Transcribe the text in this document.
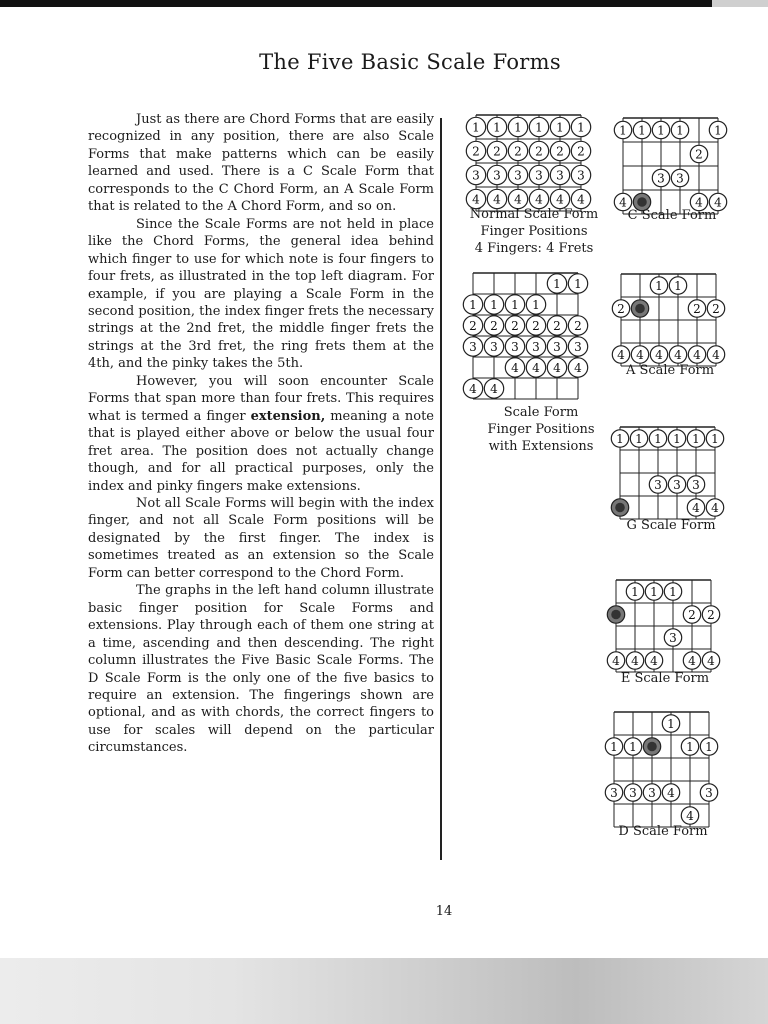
The Five Basic Scale Forms

Just as there are Chord Forms that are easily recognized in any position, there are also Scale Forms that make patterns which can be easily learned and used. There is a C Scale Form that corresponds to the C Chord Form, an A Scale Form that is related to the A Chord Form, and so on.

Since the Scale Forms are not held in place like the Chord Forms, the general idea behind which finger to use for which note is four fingers to four frets, as illustrated in the top left diagram. For example, if you are playing a Scale Form in the second position, the index finger frets the necessary strings at the 2nd fret, the middle finger frets the strings at the 3rd fret, the ring frets them at the 4th, and the pinky takes the 5th.

However, you will soon encounter Scale Forms that span more than four frets. This requires what is termed a finger extension, meaning a note that is played either above or below the usual four fret area. The position does not actually change though, and for all practical purposes, only the index and pinky fingers make extensions.

Not all Scale Forms will begin with the index finger, and not all Scale Form positions will be designated by the first finger. The index is sometimes treated as an extension so the Scale Form can better correspond to the Chord Form.

The graphs in the left hand column illustrate basic finger position for Scale Forms and extensions. Play through each of them one string at a time, ascending and then descending. The right column illustrates the Five Basic Scale Forms. The D Scale Form is the only one of the five basics to require an extension. The fingerings shown are optional, and as with chords, the correct fingers to use for scales will depend on the particular circumstances.

1 1 1 1 1 1
2 2 2 2 2 2
3 3 3 3 3 3
4 4 4 4 4 4
1 1 1 1	1
2
3 3
4	4 4
1 1
1 1 1 1
2 2 2 2 2 2
3 3 3 3 3 3
4 4 4 4
4 4
1 1
2	2 2
4 4 4 4 4 4
1 1 1 1 1 1
3 3 3
4 4
1 1 1
2 2
3
4 4 4	4 4
1
1 1	1 1
3 3 3 4	3
4
Normal Scale Form
Finger Positions
4 Fingers: 4 Frets
C Scale Form
Scale Form
Finger Positions
with Extensions
A Scale Form
G Scale Form
E Scale Form
D Scale Form
14
